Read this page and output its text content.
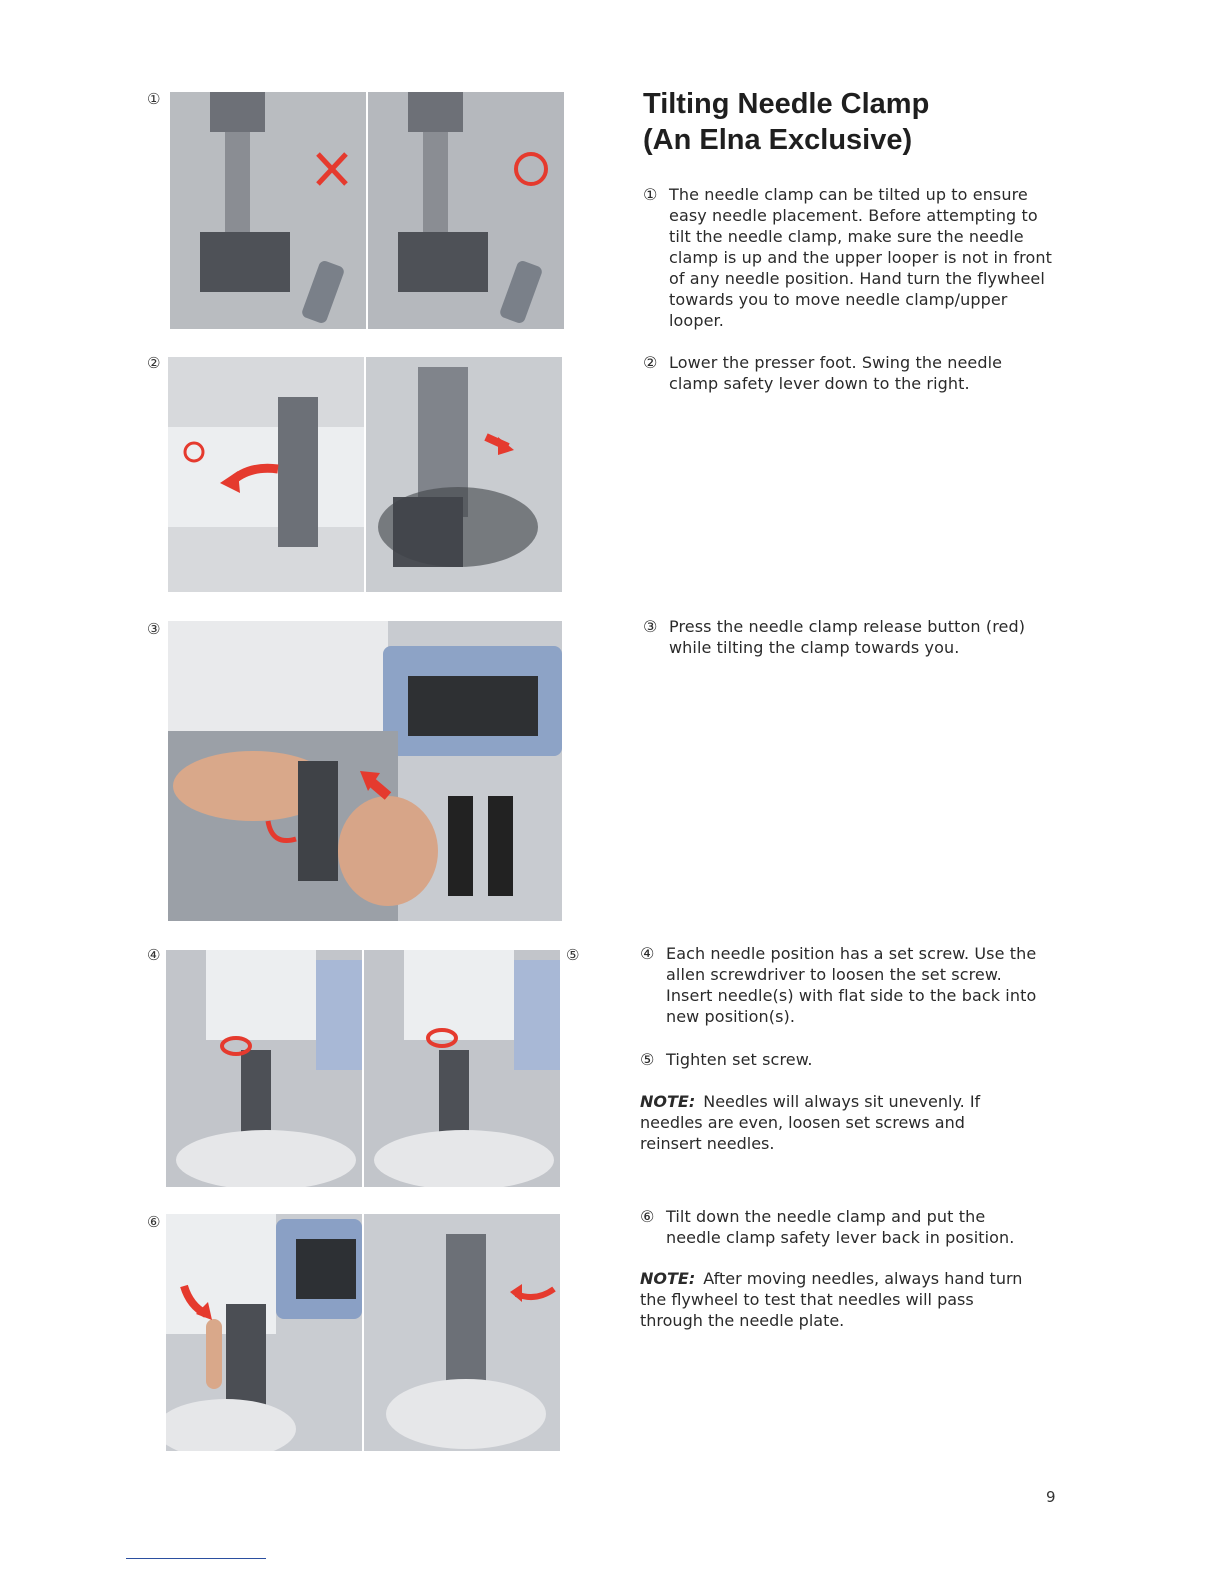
①
②
③
④	⑤
⑥
Tilting Needle Clamp
(An Elna Exclusive)
① The needle clamp can be tilted up to ensure easy needle placement. Before attempting to tilt the needle clamp, make sure the needle clamp is up and the upper looper is not in front of any needle position. Hand turn the flywheel towards you to move needle clamp/upper looper.
② Lower the presser foot. Swing the needle clamp safety lever down to the right.
③ Press the needle clamp release button (red) while tilting the clamp towards you.
④ Each needle position has a set screw. Use the allen screwdriver to loosen the set screw. Insert needle(s) with flat side to the back into new position(s).
⑤ Tighten set screw.
NOTE: Needles will always sit unevenly. If needles are even, loosen set screws and reinsert needles.
⑥ Tilt down the needle clamp and put the needle clamp safety lever back in position.
NOTE: After moving needles, always hand turn the flywheel to test that needles will pass through the needle plate.
9
